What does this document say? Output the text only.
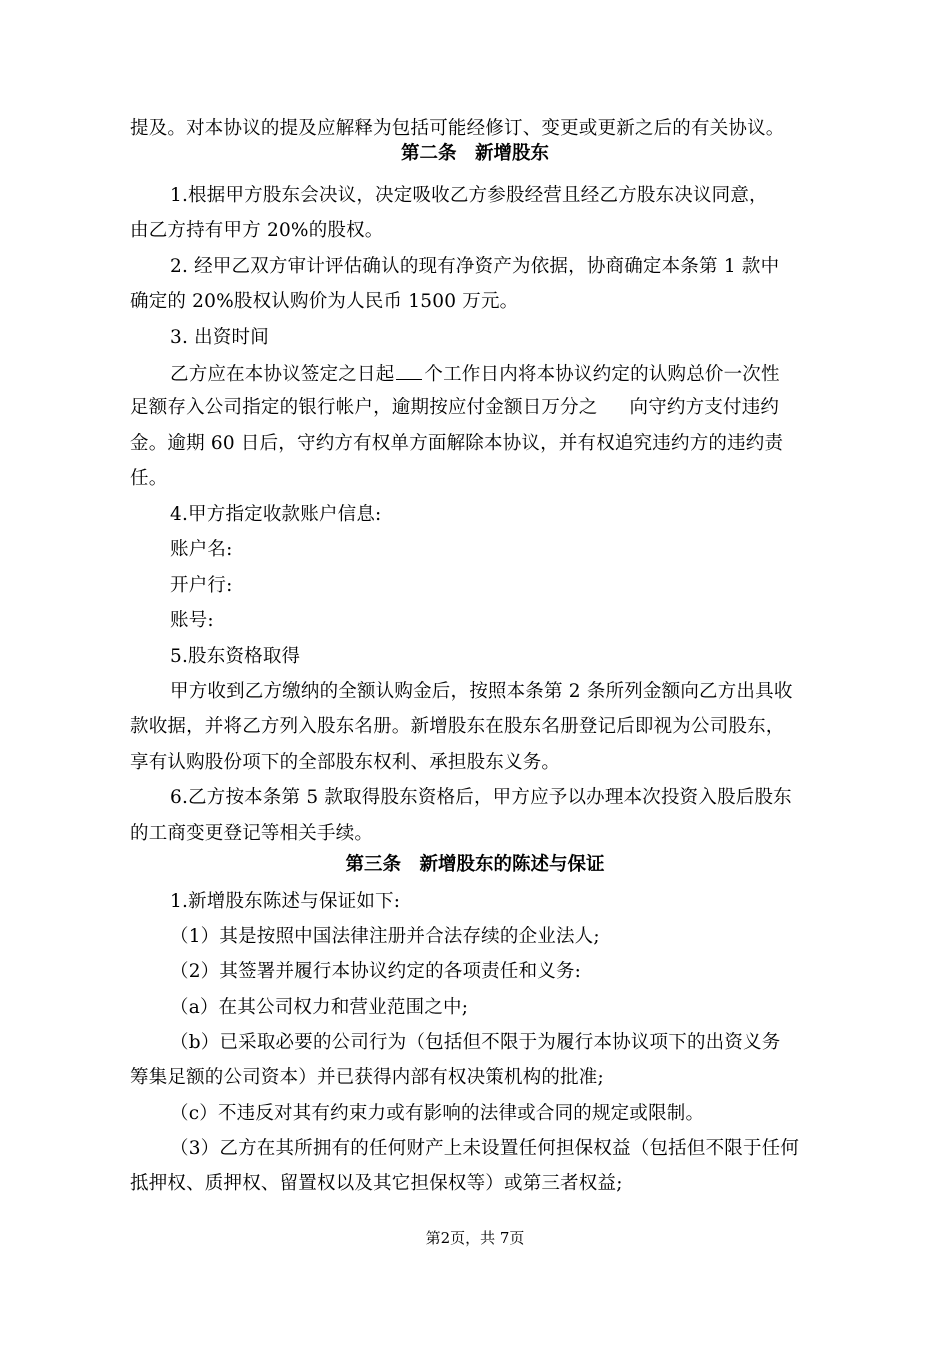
提及。对本协议的提及应解释为包括可能经修订、变更或更新之后的有关协议。
第二条　新增股东
1.根据甲方股东会决议，决定吸收乙方参股经营且经乙方股东决议同意，
由乙方持有甲方 20%的股权。
2. 经甲乙双方审计评估确认的现有净资产为依据，协商确定本条第 1 款中
确定的 20%股权认购价为人民币 1500 万元。
3. 出资时间
乙方应在本协议签定之日起 个工作日内将本协议约定的认购总价一次性
足额存入公司指定的银行帐户，逾期按应付金额日万分之 向守约方支付违约
金。逾期 60 日后，守约方有权单方面解除本协议，并有权追究违约方的违约责
任。
4.甲方指定收款账户信息:
账户名:
开户行:
账号:
5.股东资格取得
甲方收到乙方缴纳的全额认购金后，按照本条第 2 条所列金额向乙方出具收
款收据，并将乙方列入股东名册。新增股东在股东名册登记后即视为公司股东，
享有认购股份项下的全部股东权利、承担股东义务。
6.乙方按本条第 5 款取得股东资格后，甲方应予以办理本次投资入股后股东
的工商变更登记等相关手续。
第三条　新增股东的陈述与保证
1.新增股东陈述与保证如下:
（1）其是按照中国法律注册并合法存续的企业法人;
（2）其签署并履行本协议约定的各项责任和义务:
（a）在其公司权力和营业范围之中;
（b）已采取必要的公司行为（包括但不限于为履行本协议项下的出资义务
筹集足额的公司资本）并已获得内部有权决策机构的批准;
（c）不违反对其有约束力或有影响的法律或合同的规定或限制。
（3）乙方在其所拥有的任何财产上未设置任何担保权益（包括但不限于任何
抵押权、质押权、留置权以及其它担保权等）或第三者权益;
第2页，共 7页
